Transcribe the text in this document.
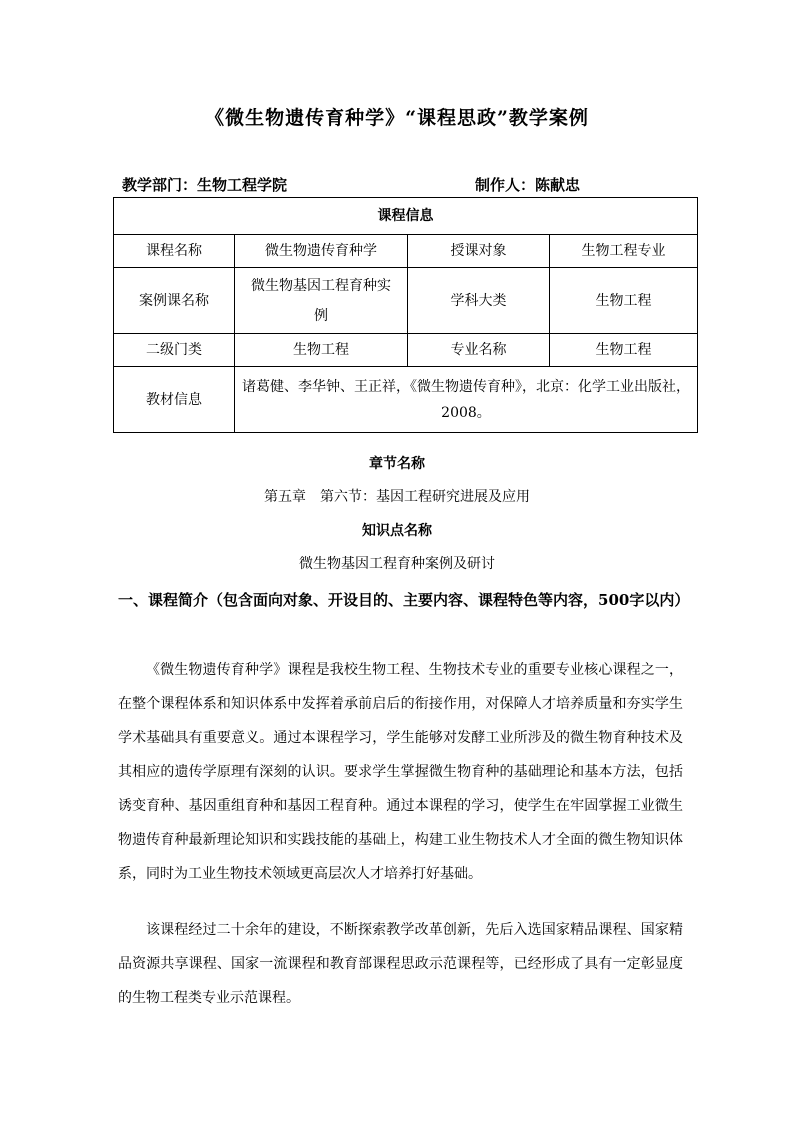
《微生物遗传育种学》“课程思政”教学案例
教学部门：生物工程学院	制作人：陈献忠
课程信息			
课程名称	微生物遗传育种学	授课对象	生物工程专业
案例课名称	微生物基因工程育种实例	学科大类	生物工程
二级门类	生物工程	专业名称	生物工程
教材信息	诸葛健、李华钟、王正祥，《微生物遗传育种》，北京：化学工业出版社，2008。		
章节名称
第五章　第六节：基因工程研究进展及应用
知识点名称
微生物基因工程育种案例及研讨
一、课程简介（包含面向对象、开设目的、主要内容、课程特色等内容，500字以内）

《微生物遗传育种学》课程是我校生物工程、生物技术专业的重要专业核心课程之一，在整个课程体系和知识体系中发挥着承前启后的衔接作用，对保障人才培养质量和夯实学生学术基础具有重要意义。通过本课程学习，学生能够对发酵工业所涉及的微生物育种技术及其相应的遗传学原理有深刻的认识。要求学生掌握微生物育种的基础理论和基本方法，包括诱变育种、基因重组育种和基因工程育种。通过本课程的学习，使学生在牢固掌握工业微生物遗传育种最新理论知识和实践技能的基础上，构建工业生物技术人才全面的微生物知识体系，同时为工业生物技术领域更高层次人才培养打好基础。

该课程经过二十余年的建设，不断探索教学改革创新，先后入选国家精品课程、国家精品资源共享课程、国家一流课程和教育部课程思政示范课程等，已经形成了具有一定彰显度的生物工程类专业示范课程。
